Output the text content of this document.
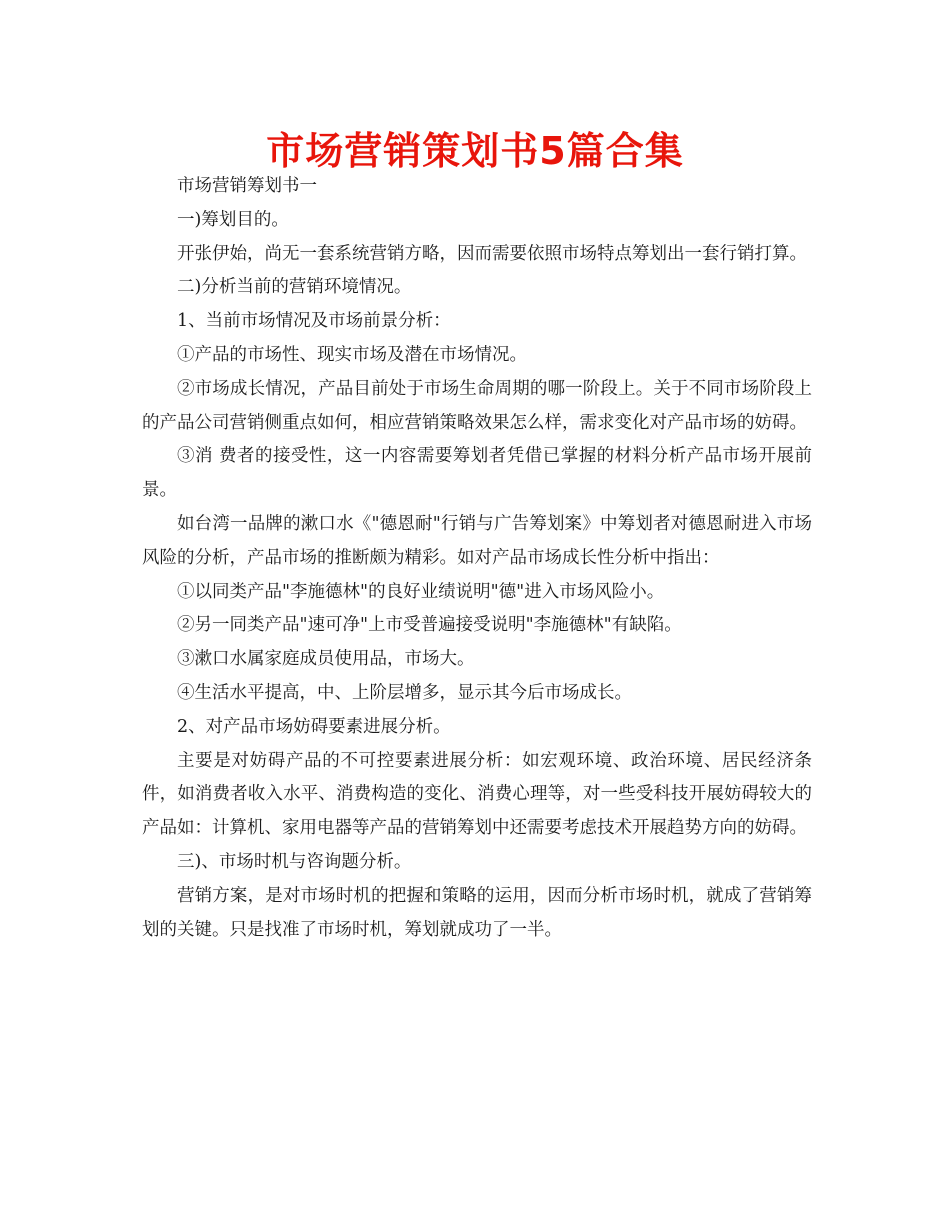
市场营销策划书5篇合集

市场营销筹划书一

一)筹划目的。

开张伊始，尚无一套系统营销方略，因而需要依照市场特点筹划出一套行销打算。

二)分析当前的营销环境情况。

1、当前市场情况及市场前景分析：

①产品的市场性、现实市场及潜在市场情况。

②市场成长情况，产品目前处于市场生命周期的哪一阶段上。关于不同市场阶段上的产品公司营销侧重点如何，相应营销策略效果怎么样，需求变化对产品市场的妨碍。

③消 费者的接受性，这一内容需要筹划者凭借已掌握的材料分析产品市场开展前景。

如台湾一品牌的漱口水《"德恩耐"行销与广告筹划案》中筹划者对德恩耐进入市场风险的分析，产品市场的推断颇为精彩。如对产品市场成长性分析中指出：

①以同类产品"李施德林"的良好业绩说明"德"进入市场风险小。

②另一同类产品"速可净"上市受普遍接受说明"李施德林"有缺陷。

③漱口水属家庭成员使用品，市场大。

④生活水平提高，中、上阶层增多，显示其今后市场成长。

2、对产品市场妨碍要素进展分析。

主要是对妨碍产品的不可控要素进展分析：如宏观环境、政治环境、居民经济条件，如消费者收入水平、消费构造的变化、消费心理等，对一些受科技开展妨碍较大的产品如：计算机、家用电器等产品的营销筹划中还需要考虑技术开展趋势方向的妨碍。

三)、市场时机与咨询题分析。

营销方案，是对市场时机的把握和策略的运用，因而分析市场时机，就成了营销筹划的关键。只是找准了市场时机，筹划就成功了一半。
